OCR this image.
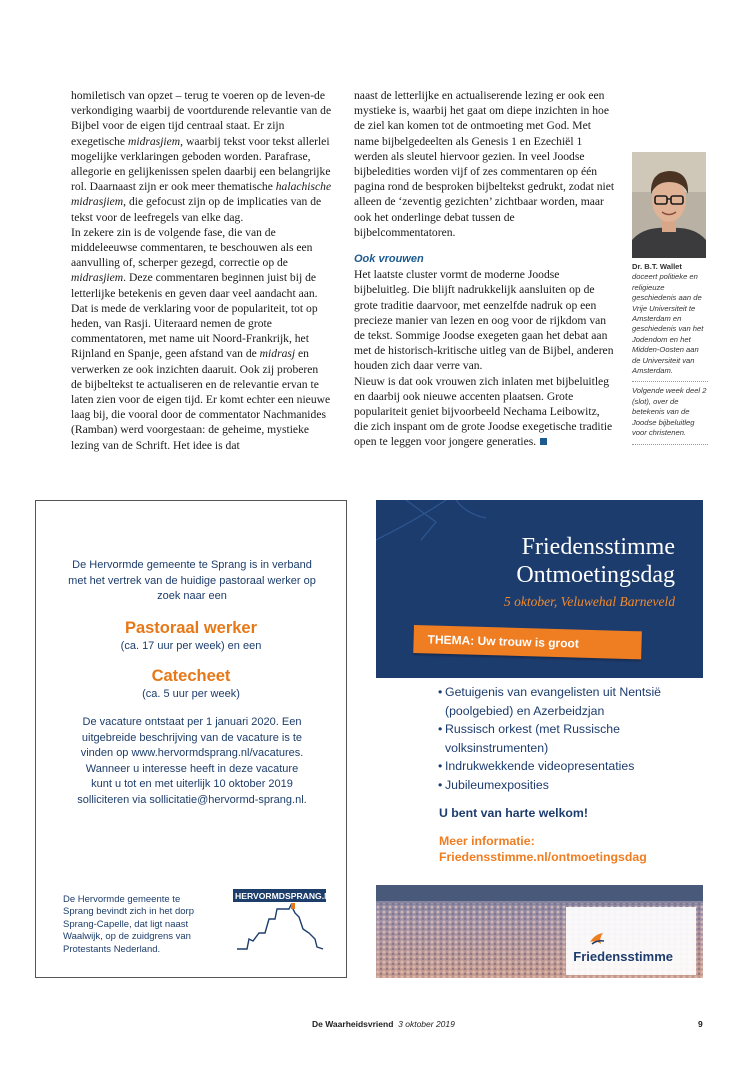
homiletisch van opzet – terug te voeren op de leven-de verkondiging waarbij de voortdurende relevantie van de Bijbel voor de eigen tijd centraal staat. Er zijn exegetische midrasjiem, waarbij tekst voor tekst allerlei mogelijke verklaringen geboden worden. Parafrase, allegorie en gelijkenissen spelen daarbij een belangrijke rol. Daarnaast zijn er ook meer thematische halachische midrasjiem, die gefocust zijn op de implicaties van de tekst voor de leefregels van elke dag.
In zekere zin is de volgende fase, die van de middeleeuwse commentaren, te beschouwen als een aanvulling of, scherper gezegd, correctie op de midrasjiem. Deze commentaren beginnen juist bij de letterlijke betekenis en geven daar veel aandacht aan. Dat is mede de verklaring voor de populariteit, tot op heden, van Rasji. Uiteraard nemen de grote commentatoren, met name uit Noord-Frankrijk, het Rijnland en Spanje, geen afstand van de midrasj en verwerken ze ook inzichten daaruit. Ook zij proberen de bijbeltekst te actualiseren en de relevantie ervan te laten zien voor de eigen tijd. Er komt echter een nieuwe laag bij, die vooral door de commentator Nachmanides (Ramban) werd voorgestaan: de geheime, mystieke lezing van de Schrift. Het idee is dat

naast de letterlijke en actualiserende lezing er ook een mystieke is, waarbij het gaat om diepe inzichten in hoe de ziel kan komen tot de ontmoeting met God. Met name bijbelgedeelten als Genesis 1 en Ezechiël 1 werden als sleutel hiervoor gezien. In veel Joodse bijbeledities worden vijf of zes commentaren op één pagina rond de besproken bijbeltekst gedrukt, zodat niet alleen de ‘zeventig gezichten’ zichtbaar worden, maar ook het onderlinge debat tussen de bijbelcommentatoren.

Ook vrouwen

Het laatste cluster vormt de moderne Joodse bijbeluitleg. Die blijft nadrukkelijk aansluiten op de grote traditie daarvoor, met eenzelfde nadruk op een precieze manier van lezen en oog voor de rijkdom van de tekst. Sommige Joodse exegeten gaan het debat aan met de historisch-kritische uitleg van de Bijbel, anderen houden zich daar verre van.

Nieuw is dat ook vrouwen zich inlaten met bijbeluitleg en daarbij ook nieuwe accenten plaatsen. Grote populariteit geniet bijvoorbeeld Nechama Leibowitz, die zich inspant om de grote Joodse exegetische traditie open te leggen voor jongere generaties.

Dr. B.T. Wallet doceert politieke en religieuze geschiedenis aan de Vrije Universiteit te Amsterdam en geschiedenis van het Jodendom en het Midden-Oosten aan de Universiteit van Amsterdam.
Volgende week deel 2 (slot), over de betekenis van de Joodse bijbeluitleg voor christenen.
De Hervormde gemeente te Sprang is in verband met het vertrek van de huidige pastoraal werker op zoek naar een
Pastoraal werker
(ca. 17 uur per week) en een
Catecheet
(ca. 5 uur per week)
De vacature ontstaat per 1 januari 2020. Een uitgebreide beschrijving van de vacature is te vinden op www.hervormdsprang.nl/vacatures. Wanneer u interesse heeft in deze vacature kunt u tot en met uiterlijk 10 oktober 2019 solliciteren via sollicitatie@hervormd-sprang.nl.
De Hervormde gemeente te Sprang bevindt zich in het dorp Sprang-Capelle, dat ligt naast Waalwijk, op de zuidgrens van Protestants Nederland.
HERVORMDSPRANG.NL
Friedensstimme
Ontmoetingsdag
5 oktober, Veluwehal Barneveld
THEMA: Uw trouw is groot
• Getuigenis van evangelisten uit Nentsië (poolgebied) en Azerbeidzjan
• Russisch orkest (met Russische volksinstrumenten)
• Indrukwekkende videopresentaties
• Jubileumexposities
U bent van harte welkom!
Meer informatie:
Friedensstimme.nl/ontmoetingsdag
Friedensstimme
De Waarheidsvriend 3 oktober 2019	9
